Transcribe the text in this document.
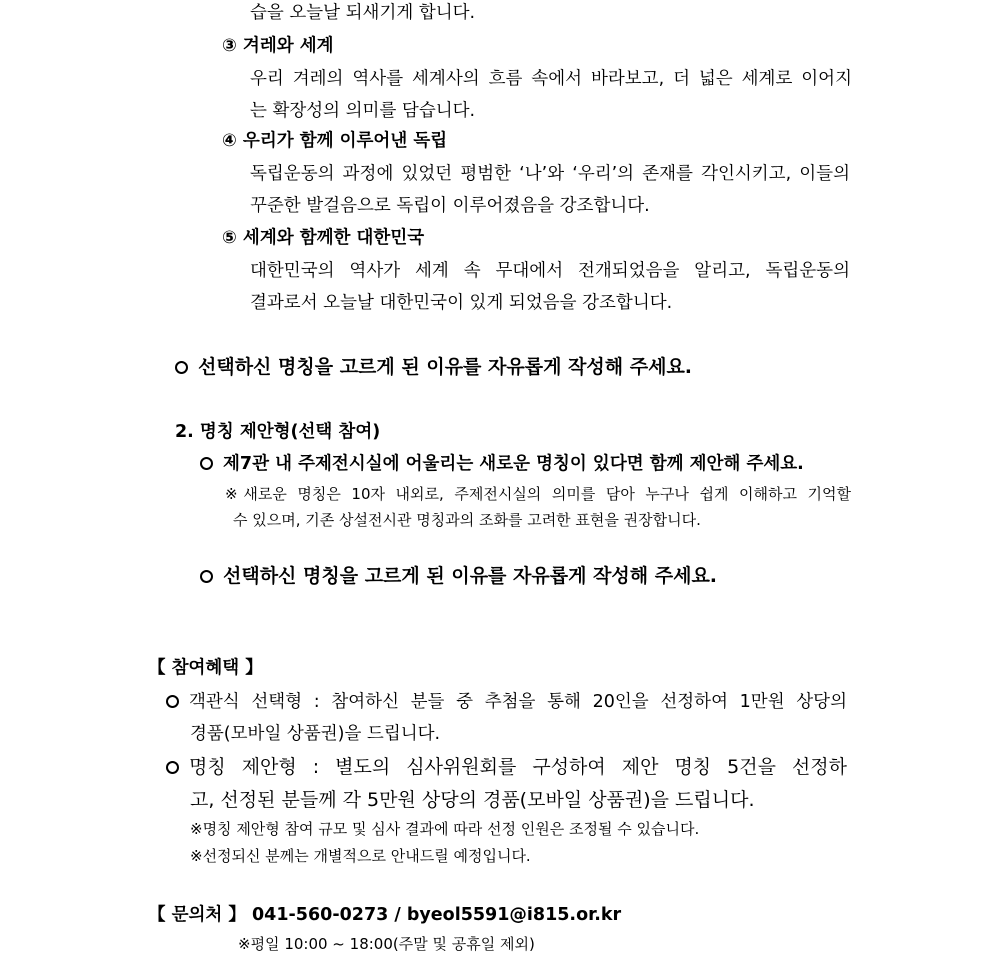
습을 오늘날 되새기게 합니다.
③ 겨레와 세계
우리 겨레의 역사를 세계사의 흐름 속에서 바라보고, 더 넓은 세계로 이어지
는 확장성의 의미를 담습니다.
④ 우리가 함께 이루어낸 독립
독립운동의 과정에 있었던 평범한 ‘나’와 ‘우리’의 존재를 각인시키고, 이들의
꾸준한 발걸음으로 독립이 이루어졌음을 강조합니다.
⑤ 세계와 함께한 대한민국
대한민국의 역사가 세계 속 무대에서 전개되었음을 알리고, 독립운동의
결과로서 오늘날 대한민국이 있게 되었음을 강조합니다.
선택하신 명칭을 고르게 된 이유를 자유롭게 작성해 주세요.
2. 명칭 제안형(선택 참여)
제7관 내 주제전시실에 어울리는 새로운 명칭이 있다면 함께 제안해 주세요.
※새로운 명칭은 10자 내외로, 주제전시실의 의미를 담아 누구나 쉽게 이해하고 기억할
수 있으며, 기존 상설전시관 명칭과의 조화를 고려한 표현을 권장합니다.
선택하신 명칭을 고르게 된 이유를 자유롭게 작성해 주세요.
【 참여혜택 】
객관식 선택형 : 참여하신 분들 중 추첨을 통해 20인을 선정하여 1만원 상당의
경품(모바일 상품권)을 드립니다.
명칭 제안형 : 별도의 심사위원회를 구성하여 제안 명칭 5건을 선정하
고, 선정된 분들께 각 5만원 상당의 경품(모바일 상품권)을 드립니다.
※명칭 제안형 참여 규모 및 심사 결과에 따라 선정 인원은 조정될 수 있습니다.
※선정되신 분께는 개별적으로 안내드릴 예정입니다.
【 문의처 】 041-560-0273 / byeol5591@i815.or.kr
※평일 10:00 ~ 18:00(주말 및 공휴일 제외)
